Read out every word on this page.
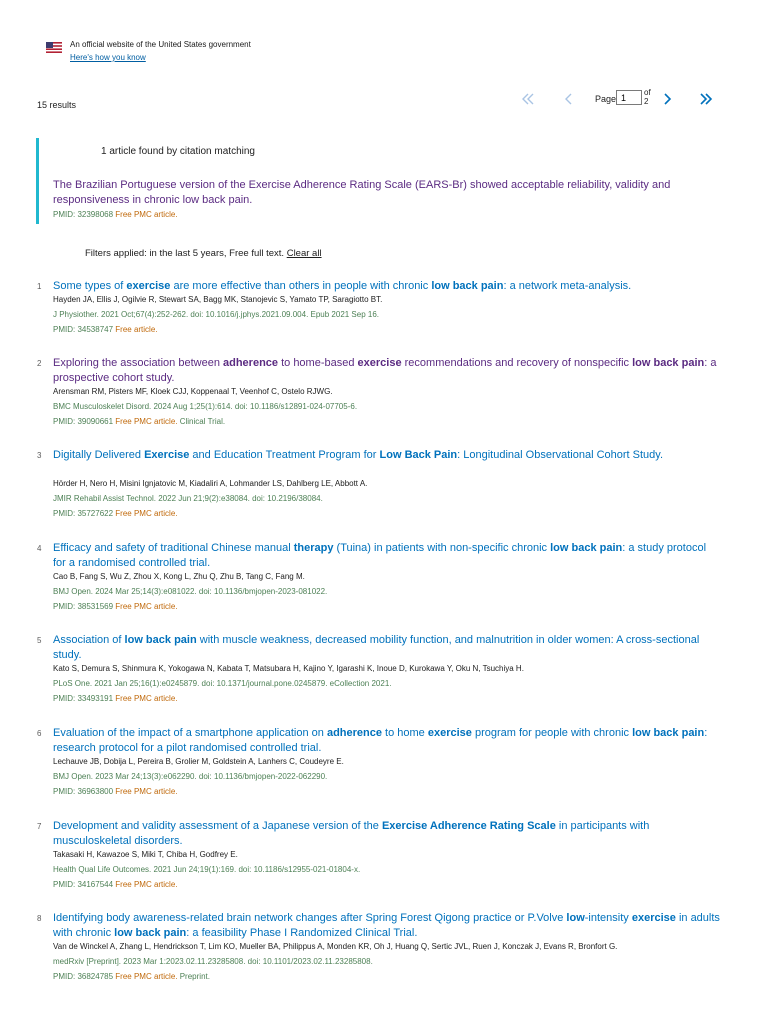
An official website of the United States government
Here's how you know
15 results
Page
1
of
2
1 article found by citation matching
The Brazilian Portuguese version of the Exercise Adherence Rating Scale (EARS-Br) showed acceptable reliability, validity and responsiveness in chronic low back pain.
PMID: 32398068 Free PMC article.
Filters applied: in the last 5 years, Free full text. Clear all
1 Some types of exercise are more effective than others in people with chronic low back pain: a network meta-analysis.
Hayden JA, Ellis J, Ogilvie R, Stewart SA, Bagg MK, Stanojevic S, Yamato TP, Saragiotto BT.
J Physiother. 2021 Oct;67(4):252-262. doi: 10.1016/j.jphys.2021.09.004. Epub 2021 Sep 16.
PMID: 34538747 Free article.
2 Exploring the association between adherence to home-based exercise recommendations and recovery of nonspecific low back pain: a prospective cohort study.
Arensman RM, Pisters MF, Kloek CJJ, Koppenaal T, Veenhof C, Ostelo RJWG.
BMC Musculoskelet Disord. 2024 Aug 1;25(1):614. doi: 10.1186/s12891-024-07705-6.
PMID: 39090661 Free PMC article. Clinical Trial.
3 Digitally Delivered Exercise and Education Treatment Program for Low Back Pain: Longitudinal Observational Cohort Study.
Hörder H, Nero H, Misini Ignjatovic M, Kiadaliri A, Lohmander LS, Dahlberg LE, Abbott A.
JMIR Rehabil Assist Technol. 2022 Jun 21;9(2):e38084. doi: 10.2196/38084.
PMID: 35727622 Free PMC article.
4 Efficacy and safety of traditional Chinese manual therapy (Tuina) in patients with non-specific chronic low back pain: a study protocol for a randomised controlled trial.
Cao B, Fang S, Wu Z, Zhou X, Kong L, Zhu Q, Zhu B, Tang C, Fang M.
BMJ Open. 2024 Mar 25;14(3):e081022. doi: 10.1136/bmjopen-2023-081022.
PMID: 38531569 Free PMC article.
5 Association of low back pain with muscle weakness, decreased mobility function, and malnutrition in older women: A cross-sectional study.
Kato S, Demura S, Shinmura K, Yokogawa N, Kabata T, Matsubara H, Kajino Y, Igarashi K, Inoue D, Kurokawa Y, Oku N, Tsuchiya H.
PLoS One. 2021 Jan 25;16(1):e0245879. doi: 10.1371/journal.pone.0245879. eCollection 2021.
PMID: 33493191 Free PMC article.
6 Evaluation of the impact of a smartphone application on adherence to home exercise program for people with chronic low back pain: research protocol for a pilot randomised controlled trial.
Lechauve JB, Dobija L, Pereira B, Grolier M, Goldstein A, Lanhers C, Coudeyre E.
BMJ Open. 2023 Mar 24;13(3):e062290. doi: 10.1136/bmjopen-2022-062290.
PMID: 36963800 Free PMC article.
7 Development and validity assessment of a Japanese version of the Exercise Adherence Rating Scale in participants with musculoskeletal disorders.
Takasaki H, Kawazoe S, Miki T, Chiba H, Godfrey E.
Health Qual Life Outcomes. 2021 Jun 24;19(1):169. doi: 10.1186/s12955-021-01804-x.
PMID: 34167544 Free PMC article.
8 Identifying body awareness-related brain network changes after Spring Forest Qigong practice or P.Volve low-intensity exercise in adults with chronic low back pain: a feasibility Phase I Randomized Clinical Trial.
Van de Winckel A, Zhang L, Hendrickson T, Lim KO, Mueller BA, Philippus A, Monden KR, Oh J, Huang Q, Sertic JVL, Ruen J, Konczak J, Evans R, Bronfort G.
medRxiv [Preprint]. 2023 Mar 1:2023.02.11.23285808. doi: 10.1101/2023.02.11.23285808.
PMID: 36824785 Free PMC article. Preprint.
